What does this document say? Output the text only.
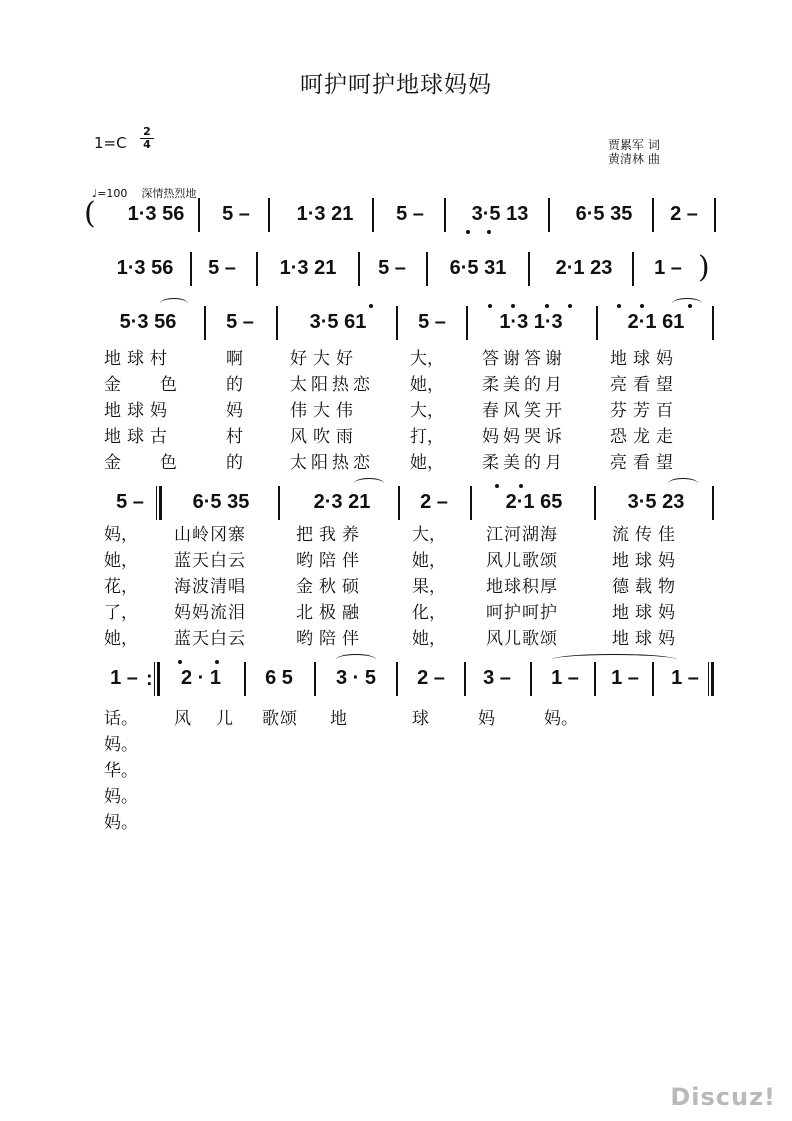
呵护呵护地球妈妈
1=C
2
4	贾累军 词
黄清林 曲
♩=100 深情热烈地
(	1·3 56	5 –	1·3 21	5 –	3·5 13	6·5 35	2 –
1·3 56	5 –	1·3 21	5 –	6·5 31	2·1 23	1 – )
5·3 56	5 –	3·5 61	5 –	1·3 1·3	2·1 61
地球村	啊	好大好	大， 答谢答谢	地球妈
金 色	的	太阳热恋 她， 柔美的月	亮看望
地球妈	妈	伟大伟	大， 春风笑开	芬芳百
地球古	村	风吹雨	打， 妈妈哭诉	恐龙走
金 色	的	太阳热恋 她， 柔美的月	亮看望
5 –	6·5 35	2·3 21	2 –	2·1 65	3·5 23
妈， 山岭冈寨	把我养	大， 江河湖海	流传佳
她， 蓝天白云	哟陪伴	她， 风儿歌颂	地球妈
花， 海波清唱	金秋硕	果， 地球积厚	德载物
了， 妈妈流泪	北极融	化， 呵护呵护	地球妈
她， 蓝天白云	哟陪伴	她， 风儿歌颂	地球妈
1 – :	2 · 1	6 5	3 · 5	2 –	3 –	1 –	1 –	1 –
话。 风 儿 歌颂 地	球	妈	妈。
妈。
华。
妈。
妈。
Discuz!
